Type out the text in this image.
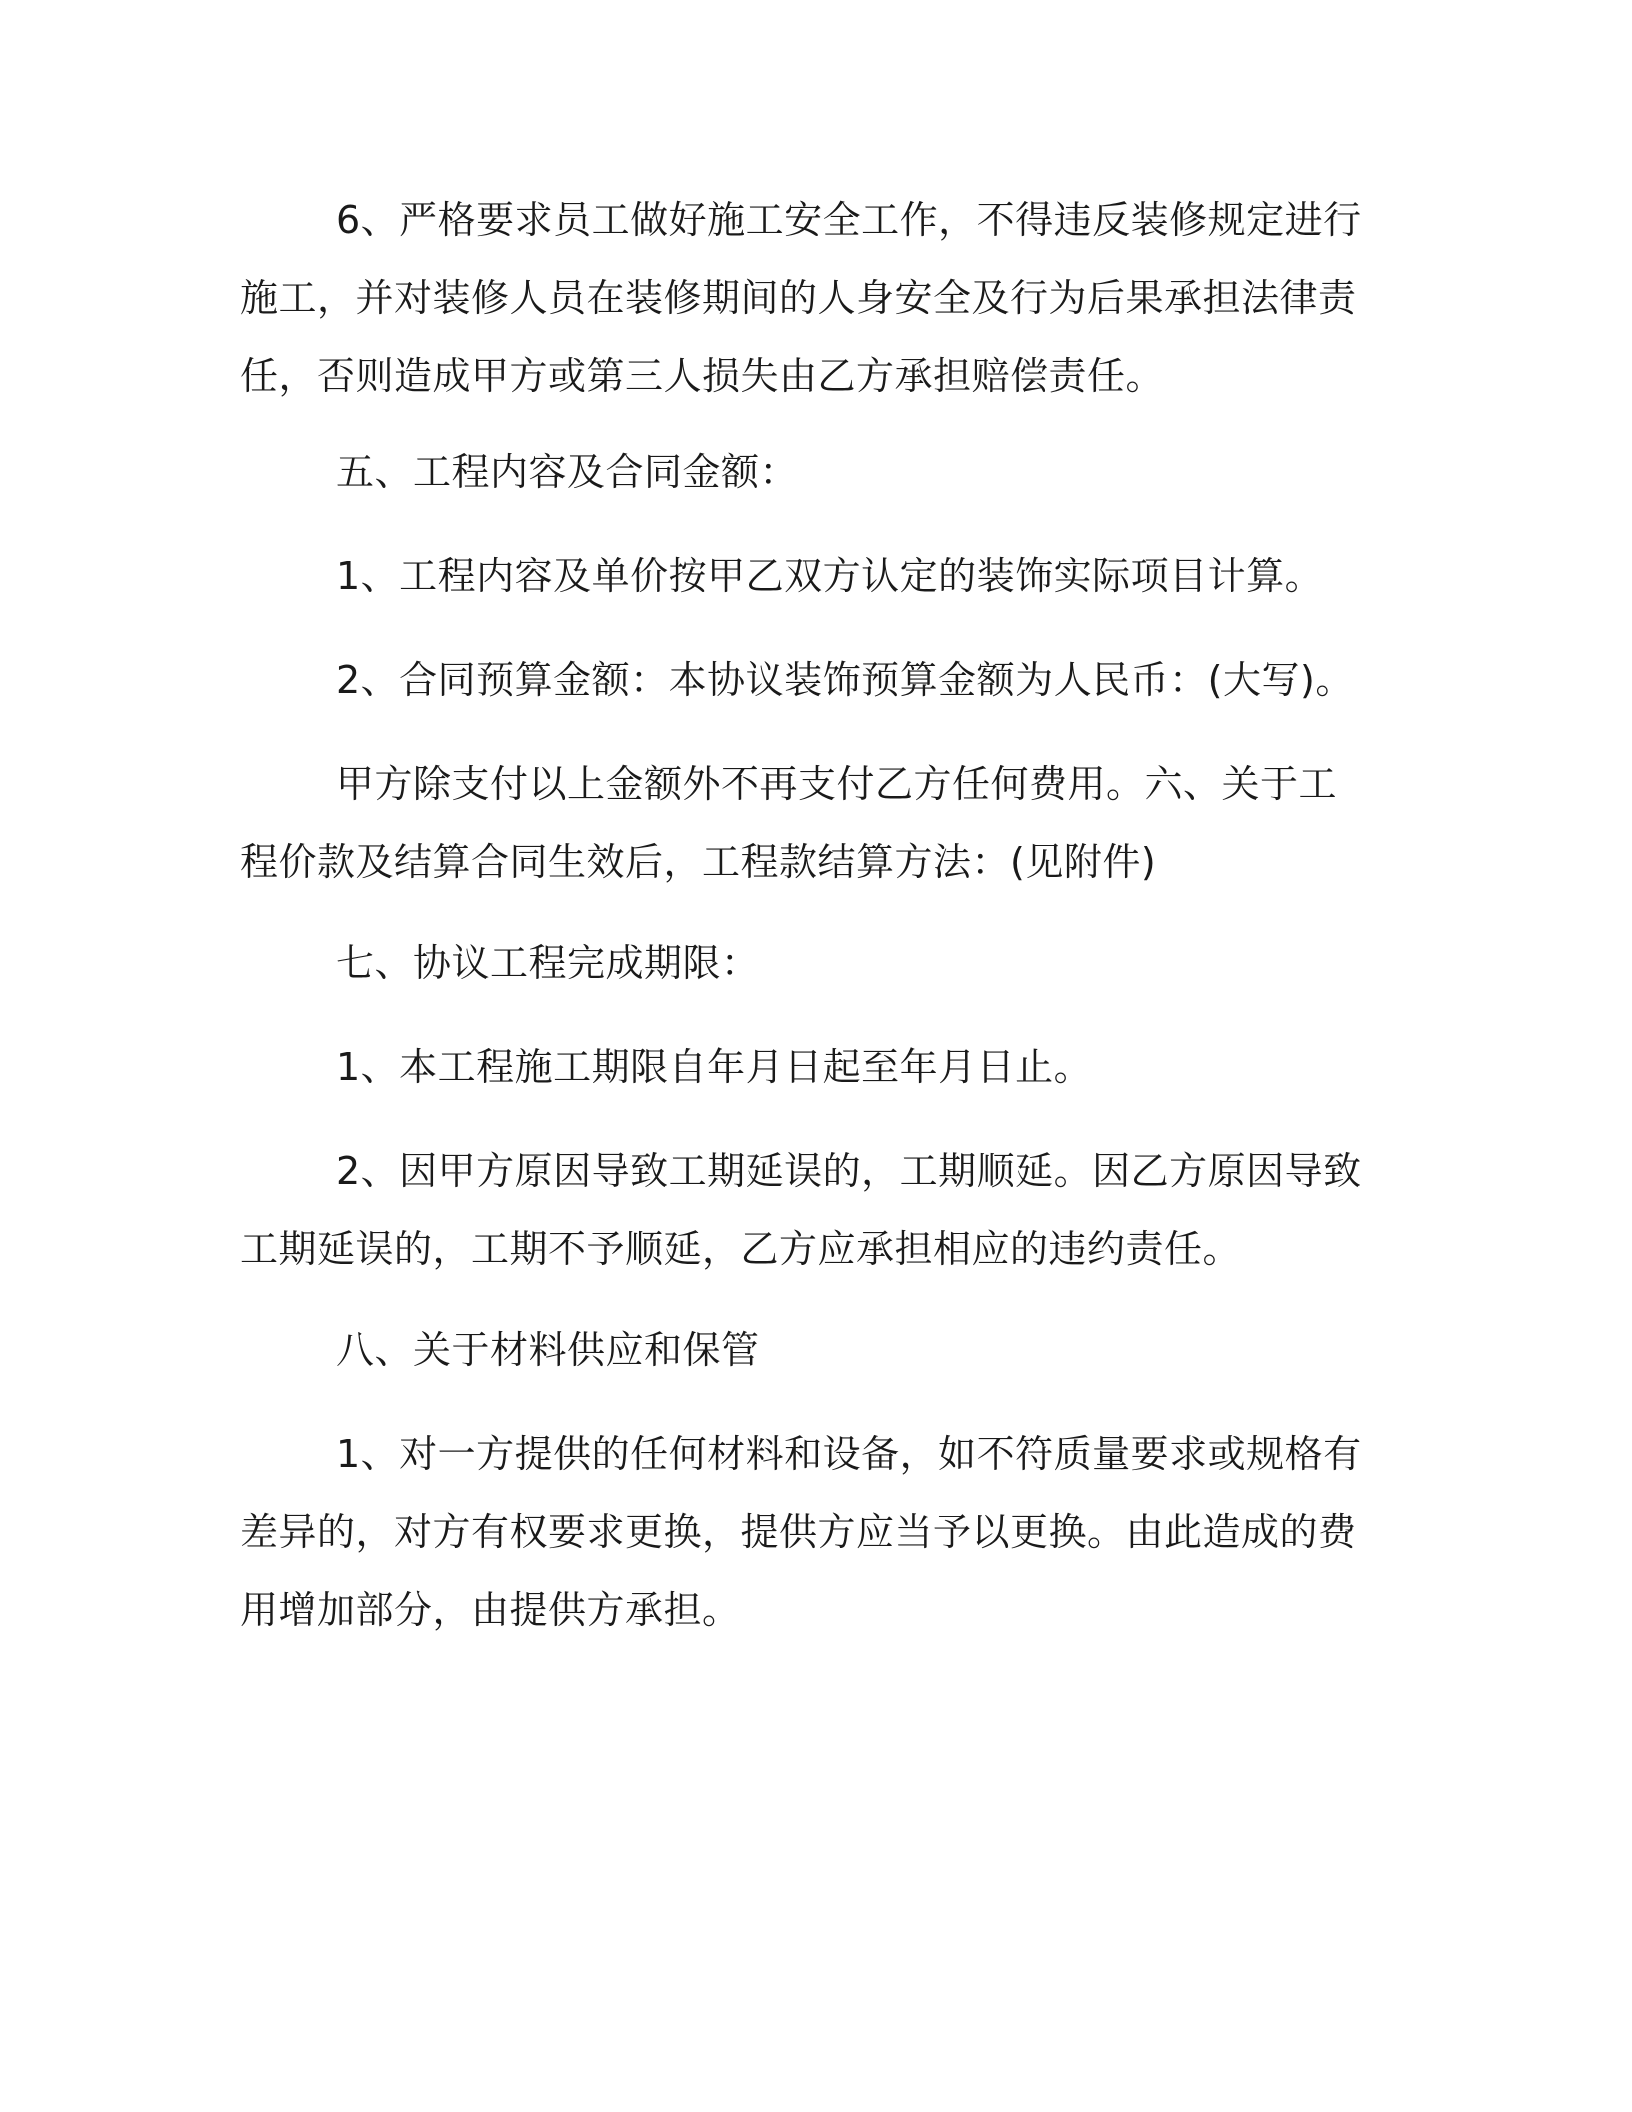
6、严格要求员工做好施工安全工作，不得违反装修规定进行施工，并对装修人员在装修期间的人身安全及行为后果承担法律责任，否则造成甲方或第三人损失由乙方承担赔偿责任。

五、工程内容及合同金额：

1、工程内容及单价按甲乙双方认定的装饰实际项目计算。

2、合同预算金额：本协议装饰预算金额为人民币：(大写)。

甲方除支付以上金额外不再支付乙方任何费用。六、关于工程价款及结算合同生效后，工程款结算方法：(见附件)

七、协议工程完成期限：

1、本工程施工期限自年月日起至年月日止。

2、因甲方原因导致工期延误的，工期顺延。因乙方原因导致工期延误的，工期不予顺延，乙方应承担相应的违约责任。

八、关于材料供应和保管

1、对一方提供的任何材料和设备，如不符质量要求或规格有差异的，对方有权要求更换，提供方应当予以更换。由此造成的费用增加部分，由提供方承担。
